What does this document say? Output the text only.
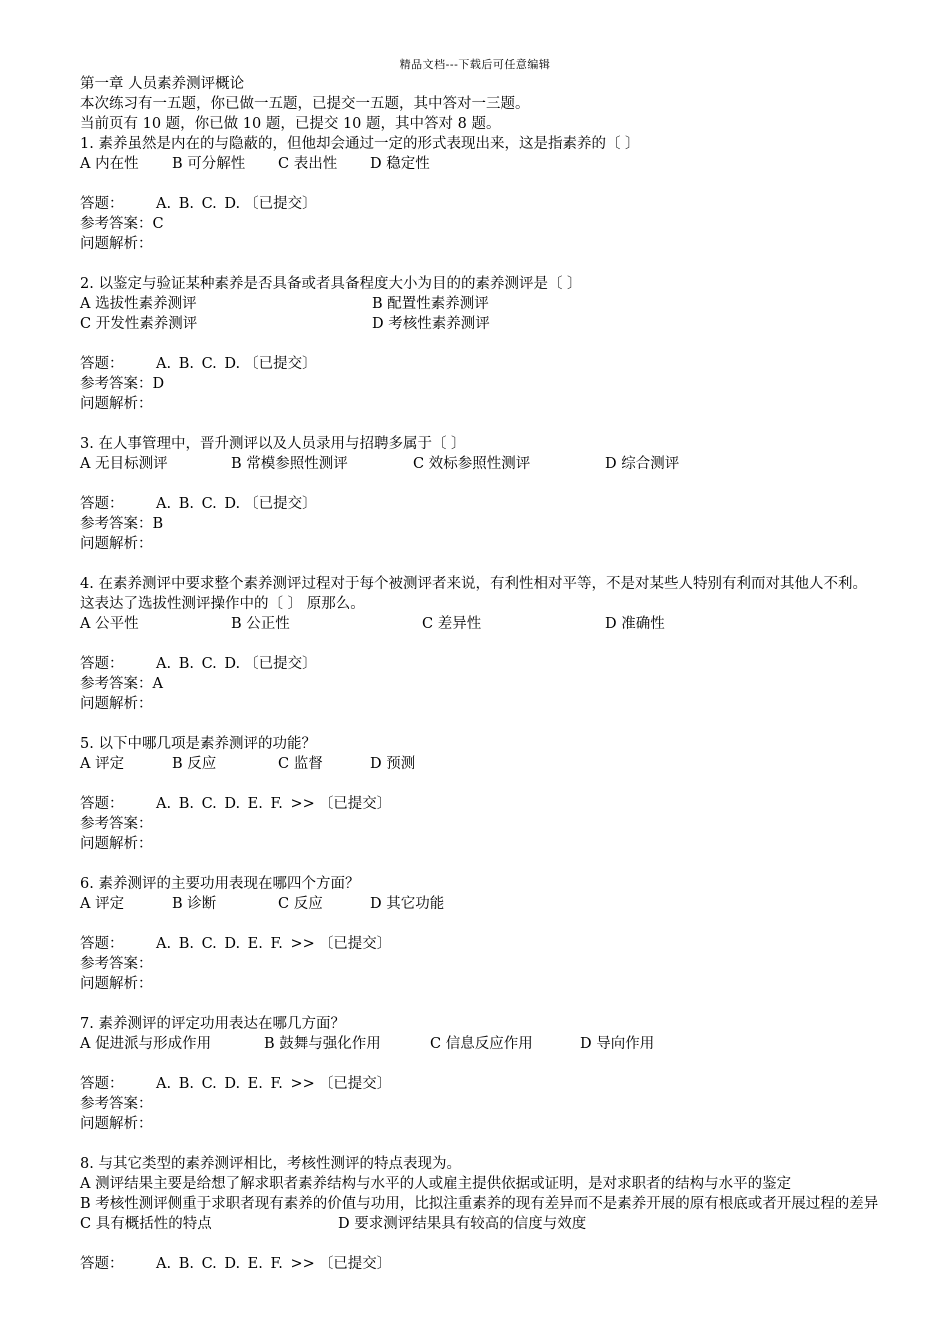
精品文档---下载后可任意编辑
第一章 人员素养测评概论
本次练习有一五题，你已做一五题，已提交一五题，其中答对一三题。
当前页有 10 题，你已做 10 题，已提交 10 题，其中答对 8 题。
1. 素养虽然是内在的与隐蔽的，但他却会通过一定的形式表现出来，这是指素养的〔 〕
A 内在性 B 可分解性 C 表出性 D 稳定性
答题： A. B. C. D. 〔已提交〕
参考答案：C
问题解析：
2. 以鉴定与验证某种素养是否具备或者具备程度大小为目的的素养测评是〔 〕
A 选拔性素养测评	B 配置性素养测评
C 开发性素养测评	D 考核性素养测评
答题： A. B. C. D. 〔已提交〕
参考答案：D
问题解析：
3. 在人事管理中，晋升测评以及人员录用与招聘多属于〔 〕
A 无目标测评	B 常模参照性测评	C 效标参照性测评	D 综合测评
答题： A. B. C. D. 〔已提交〕
参考答案：B
问题解析：
4. 在素养测评中要求整个素养测评过程对于每个被测评者来说，有利性相对平等，不是对某些人特别有利而对其他人不利。这表达了选拔性测评操作中的〔 〕 原那么。
A 公平性	B 公正性	C 差异性	D 准确性
答题： A. B. C. D. 〔已提交〕
参考答案：A
问题解析：
5. 以下中哪几项是素养测评的功能？
A 评定	B 反应	C 监督	D 预测
答题： A. B. C. D. E. F. >> 〔已提交〕
参考答案：
问题解析：
6. 素养测评的主要功用表现在哪四个方面？
A 评定	B 诊断	C 反应	D 其它功能
答题： A. B. C. D. E. F. >> 〔已提交〕
参考答案：
问题解析：
7. 素养测评的评定功用表达在哪几方面？
A 促进派与形成作用	B 鼓舞与强化作用	C 信息反应作用	D 导向作用
答题： A. B. C. D. E. F. >> 〔已提交〕
参考答案：
问题解析：
8. 与其它类型的素养测评相比，考核性测评的特点表现为。
A 测评结果主要是给想了解求职者素养结构与水平的人或雇主提供依据或证明，是对求职者的结构与水平的鉴定
B 考核性测评侧重于求职者现有素养的价值与功用，比拟注重素养的现有差异而不是素养开展的原有根底或者开展过程的差异
C 具有概括性的特点	D 要求测评结果具有较高的信度与效度
答题： A. B. C. D. E. F. >> 〔已提交〕
